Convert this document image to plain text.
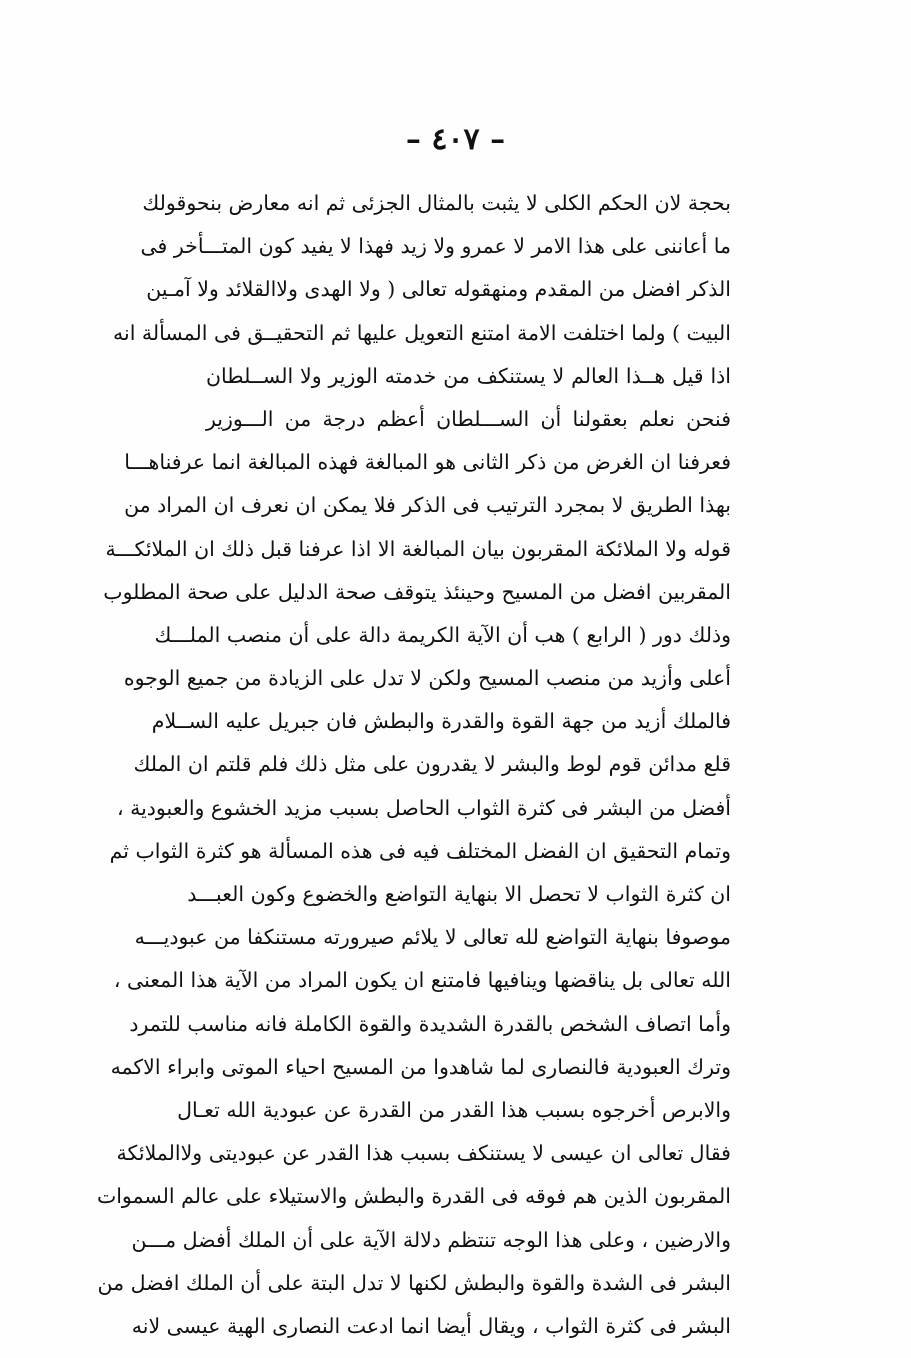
– ٤٠٧ –
بحجة لان الحكم الكلى لا يثبت بالمثال الجزئى ثم انه معارض بنحوقولك
ما أعاننى على هذا الامر لا عمرو ولا زيد فهذا لا يفيد كون المتـــأخر فى
الذكر افضل من المقدم ومنهقوله تعالى ( ولا الهدى ولاالقلائد ولا آمـين
البيت ) ولما اختلفت الامة امتنع التعويل عليها ثم التحقيــق فى المسألة انه
اذا قيل هــذا العالم لا يستنكف من خدمته الوزير ولا الســلطان
فنحن نعلم بعقولنا أن الســـلطان أعظم درجة من الـــوزير
فعرفنا ان الغرض من ذكر الثانى هو المبالغة فهذه المبالغة انما عرفناهـــا
بهذا الطريق لا بمجرد الترتيب فى الذكر فلا يمكن ان نعرف ان المراد من
قوله ولا الملائكة المقربون بيان المبالغة الا اذا عرفنا قبل ذلك ان الملائكـــة
المقربين افضل من المسيح وحينئذ يتوقف صحة الدليل على صحة المطلوب
وذلك دور ( الرابع ) هب أن الآية الكريمة دالة على أن منصب الملـــك
أعلى وأزيد من منصب المسيح ولكن لا تدل على الزيادة من جميع الوجوه
فالملك أزيد من جهة القوة والقدرة والبطش فان جبريل عليه الســلام
قلع مدائن قوم لوط والبشر لا يقدرون على مثل ذلك فلم قلتم ان الملك
أفضل من البشر فى كثرة الثواب الحاصل بسبب مزيد الخشوع والعبودية ،
وتمام التحقيق ان الفضل المختلف فيه فى هذه المسألة هو كثرة الثواب ثم
ان كثرة الثواب لا تحصل الا بنهاية التواضع والخضوع وكون العبـــد
موصوفا بنهاية التواضع لله تعالى لا يلائم صيرورته مستنكفا من عبوديـــه
الله تعالى بل يناقضها وينافيها فامتنع ان يكون المراد من الآية هذا المعنى ،
وأما اتصاف الشخص بالقدرة الشديدة والقوة الكاملة فانه مناسب للتمرد
وترك العبودية فالنصارى لما شاهدوا من المسيح احياء الموتى وابراء الاكمه
والابرص أخرجوه بسبب هذا القدر من القدرة عن عبودية الله تعـال
فقال تعالى ان عيسى لا يستنكف بسبب هذا القدر عن عبوديتى ولاالملائكة
المقربون الذين هم فوقه فى القدرة والبطش والاستيلاء على عالم السموات
والارضين ، وعلى هذا الوجه تنتظم دلالة الآية على أن الملك أفضل مـــن
البشر فى الشدة والقوة والبطش لكنها لا تدل البتة على أن الملك افضل من
البشر فى كثرة الثواب ، ويقال أيضا انما ادعت النصارى الهية عيسى لانه
